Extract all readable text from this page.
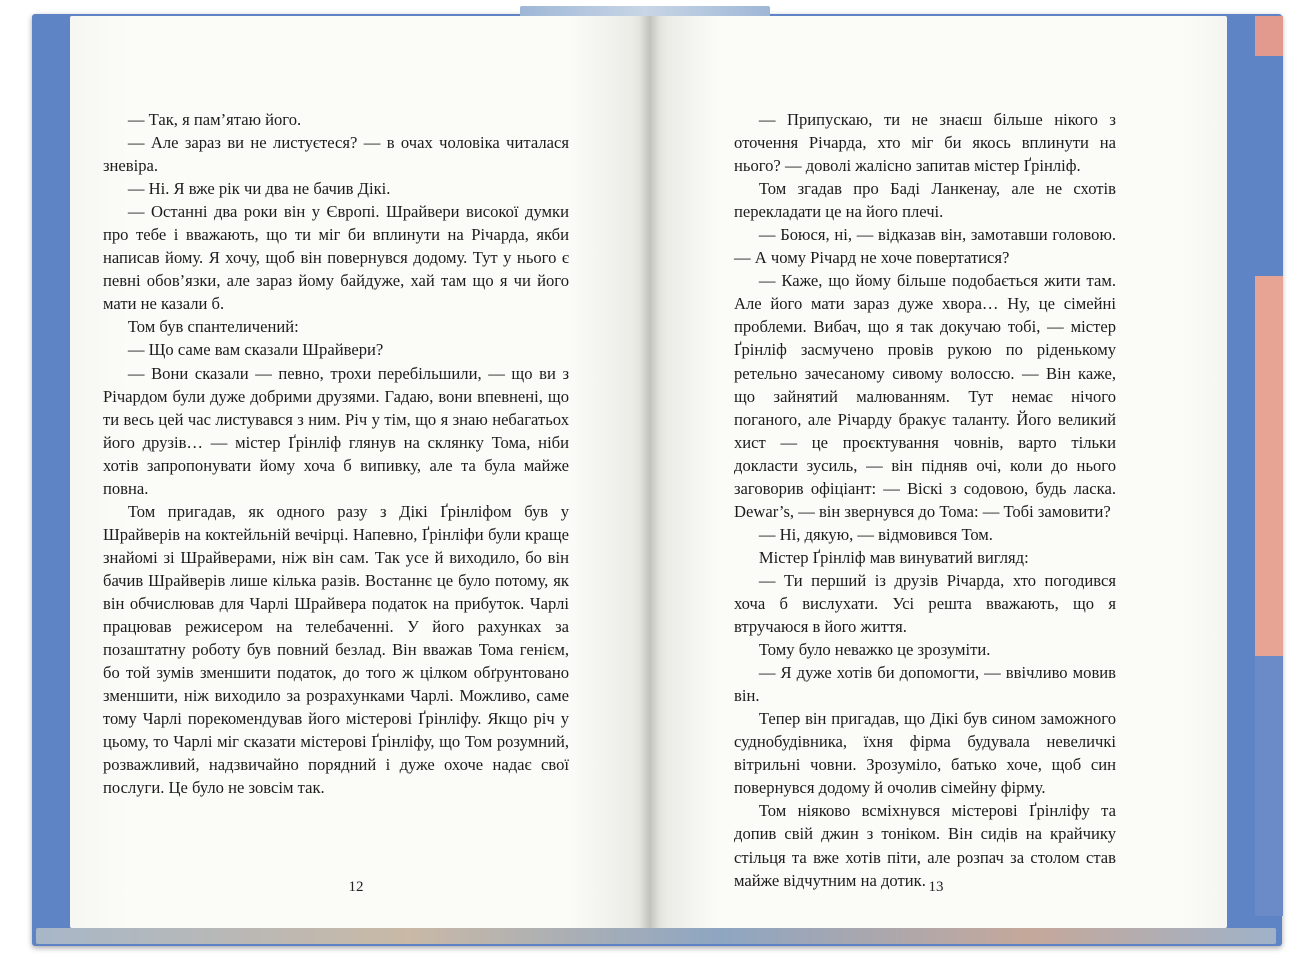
— Так, я пам’ятаю його.

— Але зараз ви не листуєтеся? — в очах чоловіка читалася зневіра.

— Ні. Я вже рік чи два не бачив Дікі.

— Останні два роки він у Європі. Шрайвери високої думки про тебе і вважають, що ти міг би вплинути на Річарда, якби написав йому. Я хочу, щоб він повернувся додому. Тут у нього є певні обов’язки, але зараз йому байдуже, хай там що я чи його мати не казали б.

Том був спантеличений:

— Що саме вам сказали Шрайвери?

— Вони сказали — певно, трохи перебільшили, — що ви з Річардом були дуже добрими друзями. Гадаю, вони впевнені, що ти весь цей час листувався з ним. Річ у тім, що я знаю небагатьох його друзів… — містер Ґрінліф глянув на склянку Тома, ніби хотів запропонувати йому хоча б випивку, але та була майже повна.

Том пригадав, як одного разу з Дікі Ґрінліфом був у Шрайверів на коктейльній вечірці. Напевно, Ґрінліфи були краще знайомі зі Шрайверами, ніж він сам. Так усе й виходило, бо він бачив Шрайверів лише кілька разів. Востаннє це було потому, як він обчислював для Чарлі Шрайвера податок на прибуток. Чарлі працював режисером на телебаченні. У його рахунках за позаштатну роботу був повний безлад. Він вважав Тома генієм, бо той зумів зменшити податок, до того ж цілком обґрунтовано зменшити, ніж виходило за розрахунками Чарлі. Можливо, саме тому Чарлі порекомендував його містерові Ґрінліфу. Якщо річ у цьому, то Чарлі міг сказати містерові Ґрінліфу, що Том розумний, розважливий, надзвичайно порядний і дуже охоче надає свої послуги. Це було не зовсім так.

— Припускаю, ти не знаєш більше нікого з оточення Річарда, хто міг би якось вплинути на нього? — доволі жалісно запитав містер Ґрінліф.

Том згадав про Баді Ланкенау, але не схотів перекладати це на його плечі.

— Боюся, ні, — відказав він, замотавши головою. — А чому Річард не хоче повертатися?

— Каже, що йому більше подобається жити там. Але його мати зараз дуже хвора… Ну, це сімейні проблеми. Вибач, що я так докучаю тобі, — містер Ґрінліф засмучено провів рукою по ріденькому ретельно зачесаному сивому волоссю. — Він каже, що зайнятий малюванням. Тут немає нічого поганого, але Річарду бракує таланту. Його великий хист — це проєктування човнів, варто тільки докласти зусиль, — він підняв очі, коли до нього заговорив офіціант: — Віскі з содовою, будь ласка. Dewar’s, — він звернувся до Тома: — Тобі замовити?

— Ні, дякую, — відмовився Том.

Містер Ґрінліф мав винуватий вигляд:

— Ти перший із друзів Річарда, хто погодився хоча б вислухати. Усі решта вважають, що я втручаюся в його життя.

Тому було неважко це зрозуміти.

— Я дуже хотів би допомогти, — ввічливо мовив він.

Тепер він пригадав, що Дікі був сином заможного суднобудівника, їхня фірма будувала невеличкі вітрильні човни. Зрозуміло, батько хоче, щоб син повернувся додому й очолив сімейну фірму.

Том ніяково всміхнувся містерові Ґрінліфу та допив свій джин з тоніком. Він сидів на крайчику стільця та вже хотів піти, але розпач за столом став майже відчутним на дотик.

12	13
